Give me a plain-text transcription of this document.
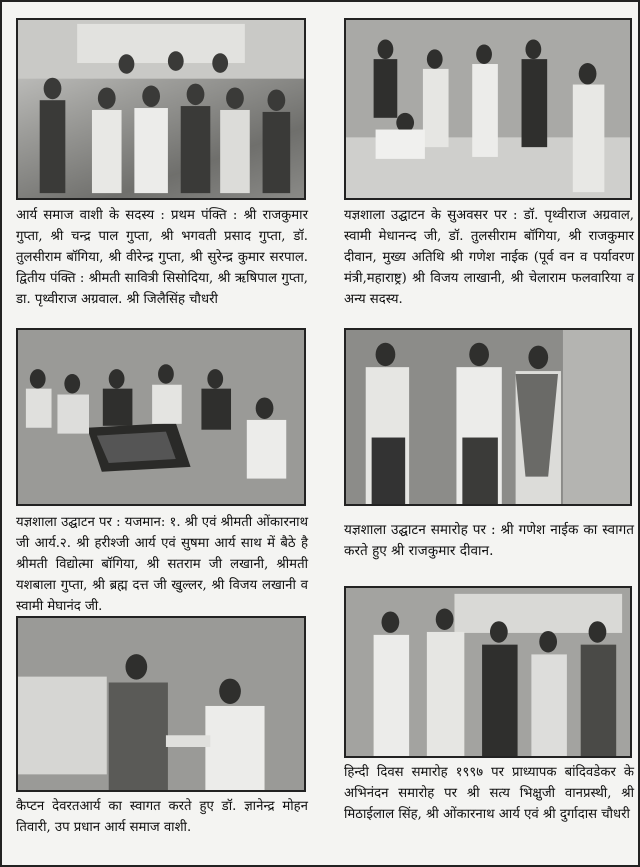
आर्य समाज वाशी के सदस्य : प्रथम पंक्ति : श्री राजकुमार गुप्ता, श्री चन्द्र पाल गुप्ता, श्री भगवती प्रसाद गुप्ता, डॉ. तुलसीराम बॉगिया, श्री वीरेन्द्र गुप्ता, श्री सुरेन्द्र कुमार सरपाल. द्वितीय पंक्ति : श्रीमती सावित्री सिसोदिया, श्री ऋषिपाल गुप्ता, डा. पृथ्वीराज अग्रवाल. श्री जिलैसिंह चौधरी

यज्ञशाला उद्घाटन के सुअवसर पर : डॉ. पृथ्वीराज अग्रवाल, स्वामी मेधानन्द जी, डॉ. तुलसीराम बॉगिया, श्री राजकुमार दीवान, मुख्य अतिथि श्री गणेश नाईक (पूर्व वन व पर्यावरण मंत्री,महाराष्ट्र) श्री विजय लाखानी, श्री चेलाराम फलवारिया व अन्य सदस्य.

यज्ञशाला उद्घाटन पर : यजमान: १. श्री एवं श्रीमती ओंकारनाथ जी आर्य.२. श्री हरीश्जी आर्य एवं सुषमा आर्य साथ में बैठे है श्रीमती विद्योत्मा बॉगिया, श्री सतराम जी लखानी, श्रीमती यशबाला गुप्ता, श्री ब्रह्म दत्त जी खुल्लर, श्री विजय लखानी व स्वामी मेघानंद जी.

यज्ञशाला उद्घाटन समारोह पर : श्री गणेश नाईक का स्वागत करते हुए श्री राजकुमार दीवान.

कैप्टन देवरतआर्य का स्वागत करते हुए डॉ. ज्ञानेन्द्र मोहन तिवारी, उप प्रधान आर्य समाज वाशी.

हिन्दी दिवस समारोह १९९७ पर प्राध्यापक बांदिवडेकर के अभिनंदन समारोह पर श्री सत्य भिक्षुजी वानप्रस्थी, श्री मिठाईलाल सिंह, श्री ओंकारनाथ आर्य एवं श्री दुर्गादास चौधरी
